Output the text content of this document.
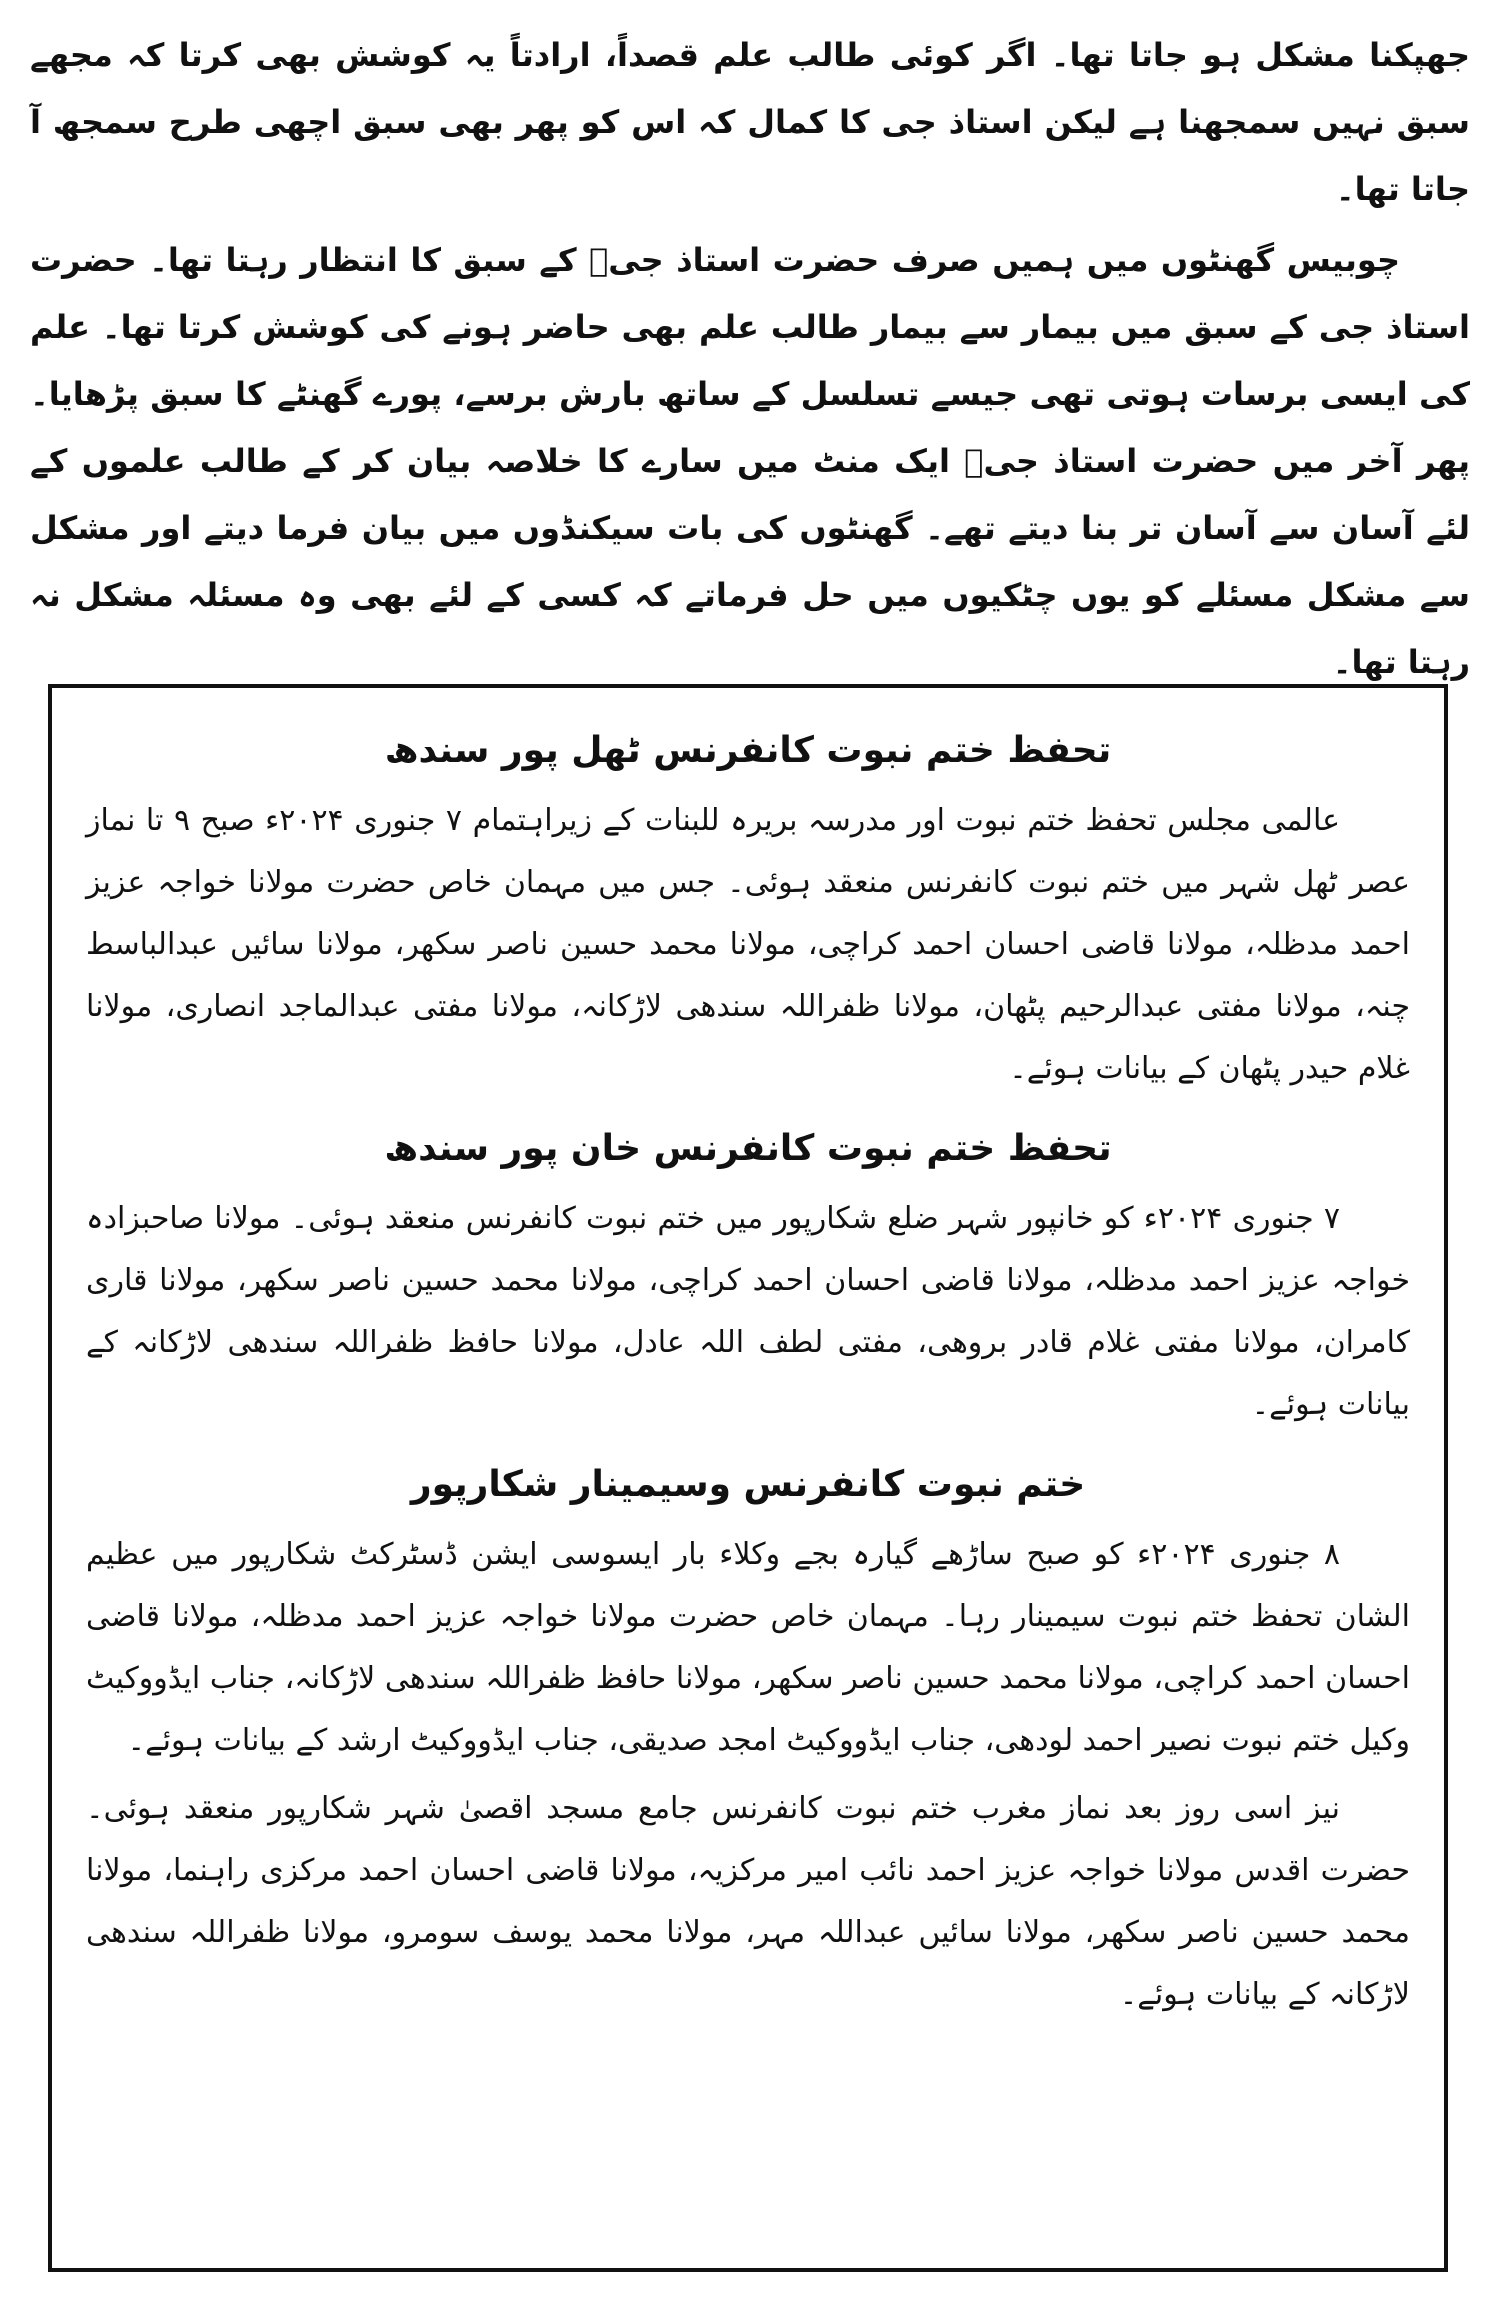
جھپکنا مشکل ہو جاتا تھا۔ اگر کوئی طالب علم قصداً، ارادتاً یہ کوشش بھی کرتا کہ مجھے سبق نہیں سمجھنا ہے لیکن استاذ جی کا کمال کہ اس کو پھر بھی سبق اچھی طرح سمجھ آ جاتا تھا۔

چوبیس گھنٹوں میں ہمیں صرف حضرت استاذ جیؒ کے سبق کا انتظار رہتا تھا۔ حضرت استاذ جی کے سبق میں بیمار سے بیمار طالب علم بھی حاضر ہونے کی کوشش کرتا تھا۔ علم کی ایسی برسات ہوتی تھی جیسے تسلسل کے ساتھ بارش برسے، پورے گھنٹے کا سبق پڑھایا۔ پھر آخر میں حضرت استاذ جیؒ ایک منٹ میں سارے کا خلاصہ بیان کر کے طالب علموں کے لئے آسان سے آسان تر بنا دیتے تھے۔ گھنٹوں کی بات سیکنڈوں میں بیان فرما دیتے اور مشکل سے مشکل مسئلے کو یوں چٹکیوں میں حل فرماتے کہ کسی کے لئے بھی وہ مسئلہ مشکل نہ رہتا تھا۔

تحفظ ختم نبوت کانفرنس ٹھل پور سندھ

عالمی مجلس تحفظ ختم نبوت اور مدرسہ بریرہ للبنات کے زیراہتمام ۷ جنوری ۲۰۲۴ء صبح ۹ تا نماز عصر ٹھل شہر میں ختم نبوت کانفرنس منعقد ہوئی۔ جس میں مہمان خاص حضرت مولانا خواجہ عزیز احمد مدظلہ، مولانا قاضی احسان احمد کراچی، مولانا محمد حسین ناصر سکھر، مولانا سائیں عبدالباسط چنہ، مولانا مفتی عبدالرحیم پٹھان، مولانا ظفراللہ سندھی لاڑکانہ، مولانا مفتی عبدالماجد انصاری، مولانا غلام حیدر پٹھان کے بیانات ہوئے۔

تحفظ ختم نبوت کانفرنس خان پور سندھ

۷ جنوری ۲۰۲۴ء کو خانپور شہر ضلع شکارپور میں ختم نبوت کانفرنس منعقد ہوئی۔ مولانا صاحبزادہ خواجہ عزیز احمد مدظلہ، مولانا قاضی احسان احمد کراچی، مولانا محمد حسین ناصر سکھر، مولانا قاری کامران، مولانا مفتی غلام قادر بروھی، مفتی لطف اللہ عادل، مولانا حافظ ظفراللہ سندھی لاڑکانہ کے بیانات ہوئے۔

ختم نبوت کانفرنس وسیمینار شکارپور

۸ جنوری ۲۰۲۴ء کو صبح ساڑھے گیارہ بجے وکلاء بار ایسوسی ایشن ڈسٹرکٹ شکارپور میں عظیم الشان تحفظ ختم نبوت سیمینار رہا۔ مہمان خاص حضرت مولانا خواجہ عزیز احمد مدظلہ، مولانا قاضی احسان احمد کراچی، مولانا محمد حسین ناصر سکھر، مولانا حافظ ظفراللہ سندھی لاڑکانہ، جناب ایڈووکیٹ وکیل ختم نبوت نصیر احمد لودھی، جناب ایڈووکیٹ امجد صدیقی، جناب ایڈووکیٹ ارشد کے بیانات ہوئے۔

نیز اسی روز بعد نماز مغرب ختم نبوت کانفرنس جامع مسجد اقصیٰ شہر شکارپور منعقد ہوئی۔ حضرت اقدس مولانا خواجہ عزیز احمد نائب امیر مرکزیہ، مولانا قاضی احسان احمد مرکزی راہنما، مولانا محمد حسین ناصر سکھر، مولانا سائیں عبداللہ مہر، مولانا محمد یوسف سومرو، مولانا ظفراللہ سندھی لاڑکانہ کے بیانات ہوئے۔
